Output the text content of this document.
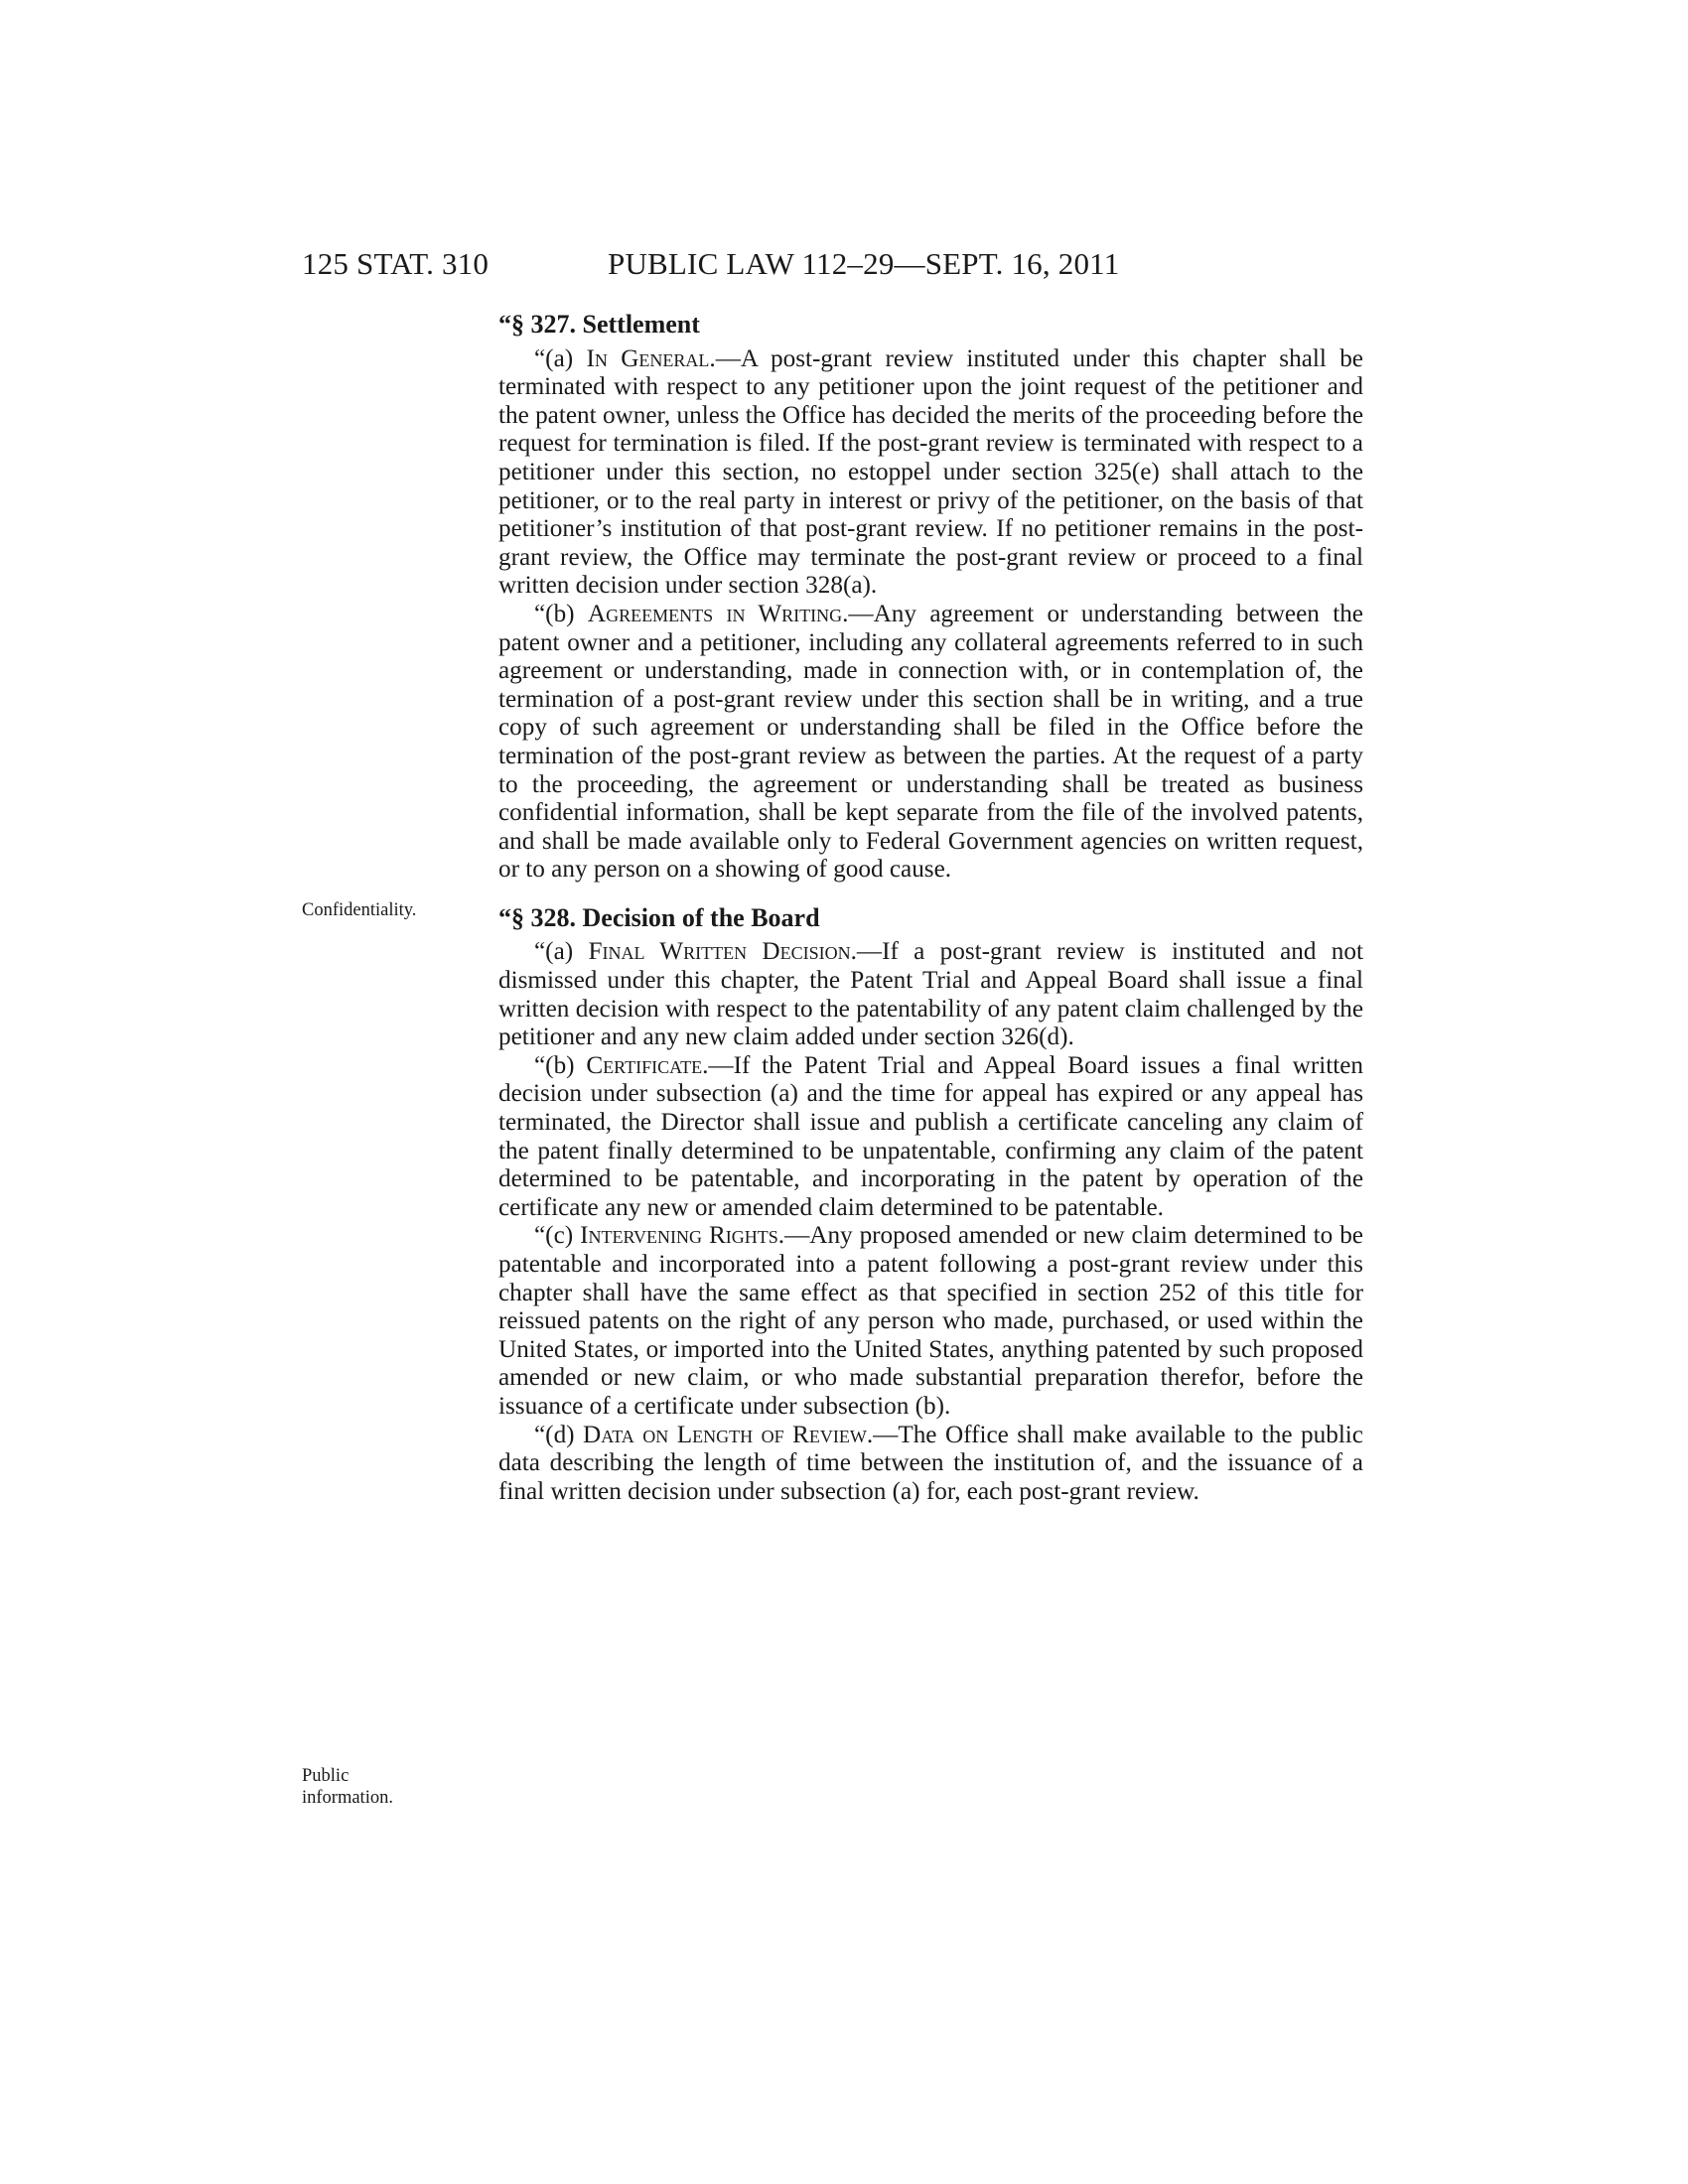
125 STAT. 310	PUBLIC LAW 112–29—SEPT. 16, 2011
Confidentiality.
Public
information.
“§ 327. Settlement

“(a) In General.—A post-grant review instituted under this chapter shall be terminated with respect to any petitioner upon the joint request of the petitioner and the patent owner, unless the Office has decided the merits of the proceeding before the request for termination is filed. If the post-grant review is terminated with respect to a petitioner under this section, no estoppel under section 325(e) shall attach to the petitioner, or to the real party in interest or privy of the petitioner, on the basis of that petitioner’s institution of that post-grant review. If no petitioner remains in the post-grant review, the Office may terminate the post-grant review or proceed to a final written decision under section 328(a).

“(b) Agreements in Writing.—Any agreement or understanding between the patent owner and a petitioner, including any collateral agreements referred to in such agreement or understanding, made in connection with, or in contemplation of, the termination of a post-grant review under this section shall be in writing, and a true copy of such agreement or understanding shall be filed in the Office before the termination of the post-grant review as between the parties. At the request of a party to the proceeding, the agreement or understanding shall be treated as business confidential information, shall be kept separate from the file of the involved patents, and shall be made available only to Federal Government agencies on written request, or to any person on a showing of good cause.

“§ 328. Decision of the Board

“(a) Final Written Decision.—If a post-grant review is instituted and not dismissed under this chapter, the Patent Trial and Appeal Board shall issue a final written decision with respect to the patentability of any patent claim challenged by the petitioner and any new claim added under section 326(d).

“(b) Certificate.—If the Patent Trial and Appeal Board issues a final written decision under subsection (a) and the time for appeal has expired or any appeal has terminated, the Director shall issue and publish a certificate canceling any claim of the patent finally determined to be unpatentable, confirming any claim of the patent determined to be patentable, and incorporating in the patent by operation of the certificate any new or amended claim determined to be patentable.

“(c) Intervening Rights.—Any proposed amended or new claim determined to be patentable and incorporated into a patent following a post-grant review under this chapter shall have the same effect as that specified in section 252 of this title for reissued patents on the right of any person who made, purchased, or used within the United States, or imported into the United States, anything patented by such proposed amended or new claim, or who made substantial preparation therefor, before the issuance of a certificate under subsection (b).

“(d) Data on Length of Review.—The Office shall make available to the public data describing the length of time between the institution of, and the issuance of a final written decision under subsection (a) for, each post-grant review.
